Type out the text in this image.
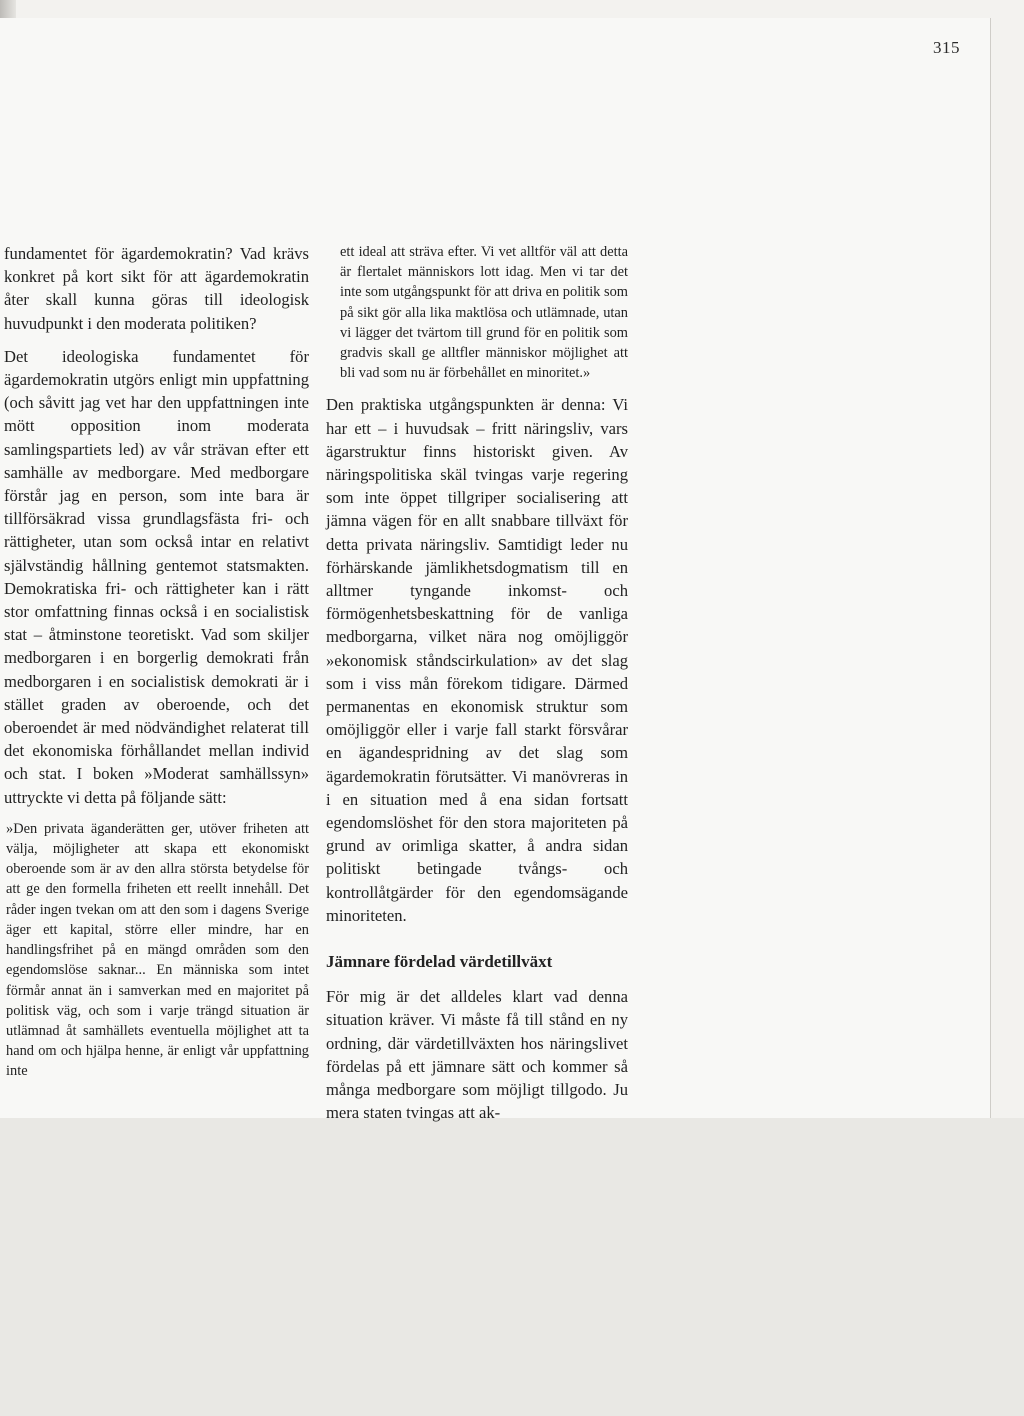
315

fundamentet för ägardemokratin? Vad krävs konkret på kort sikt för att ägardemokratin åter skall kunna göras till ideologisk huvudpunkt i den moderata politiken?

Det ideologiska fundamentet för ägardemokratin utgörs enligt min uppfattning (och såvitt jag vet har den uppfattningen inte mött opposition inom moderata samlingspartiets led) av vår strävan efter ett samhälle av medborgare. Med medborgare förstår jag en person, som inte bara är tillförsäkrad vissa grundlagsfästa fri- och rättigheter, utan som också intar en relativt självständig hållning gentemot statsmakten. Demokratiska fri- och rättigheter kan i rätt stor omfattning finnas också i en socialistisk stat – åtminstone teoretiskt. Vad som skiljer medborgaren i en borgerlig demokrati från medborgaren i en socialistisk demokrati är i stället graden av oberoende, och det oberoendet är med nödvändighet relaterat till det ekonomiska förhållandet mellan individ och stat. I boken »Moderat samhällssyn» uttryckte vi detta på följande sätt:

»Den privata äganderätten ger, utöver friheten att välja, möjligheter att skapa ett ekonomiskt oberoende som är av den allra största betydelse för att ge den formella friheten ett reellt innehåll. Det råder ingen tvekan om att den som i dagens Sverige äger ett kapital, större eller mindre, har en handlingsfrihet på en mängd områden som den egendomslöse saknar... En människa som intet förmår annat än i samverkan med en majoritet på politisk väg, och som i varje trängd situation är utlämnad åt samhällets eventuella möjlighet att ta hand om och hjälpa henne, är enligt vår uppfattning inte

ett ideal att sträva efter. Vi vet alltför väl att detta är flertalet människors lott idag. Men vi tar det inte som utgångspunkt för att driva en politik som på sikt gör alla lika maktlösa och utlämnade, utan vi lägger det tvärtom till grund för en politik som gradvis skall ge alltfler människor möjlighet att bli vad som nu är förbehållet en minoritet.»

Den praktiska utgångspunkten är denna: Vi har ett – i huvudsak – fritt näringsliv, vars ägarstruktur finns historiskt given. Av näringspolitiska skäl tvingas varje regering som inte öppet tillgriper socialisering att jämna vägen för en allt snabbare tillväxt för detta privata näringsliv. Samtidigt leder nu förhärskande jämlikhetsdogmatism till en alltmer tyngande inkomst- och förmögenhetsbeskattning för de vanliga medborgarna, vilket nära nog omöjliggör »ekonomisk ståndscirkulation» av det slag som i viss mån förekom tidigare. Därmed permanentas en ekonomisk struktur som omöjliggör eller i varje fall starkt försvårar en ägandespridning av det slag som ägardemokratin förutsätter. Vi manövreras in i en situation med å ena sidan fortsatt egendomslöshet för den stora majoriteten på grund av orimliga skatter, å andra sidan politiskt betingade tvångs- och kontrollåtgärder för den egendomsägande minoriteten.

Jämnare fördelad värdetillväxt

För mig är det alldeles klart vad denna situation kräver. Vi måste få till stånd en ny ordning, där värdetillväxten hos näringslivet fördelas på ett jämnare sätt och kommer så många medborgare som möjligt tillgodo. Ju mera staten tvingas att ak-
